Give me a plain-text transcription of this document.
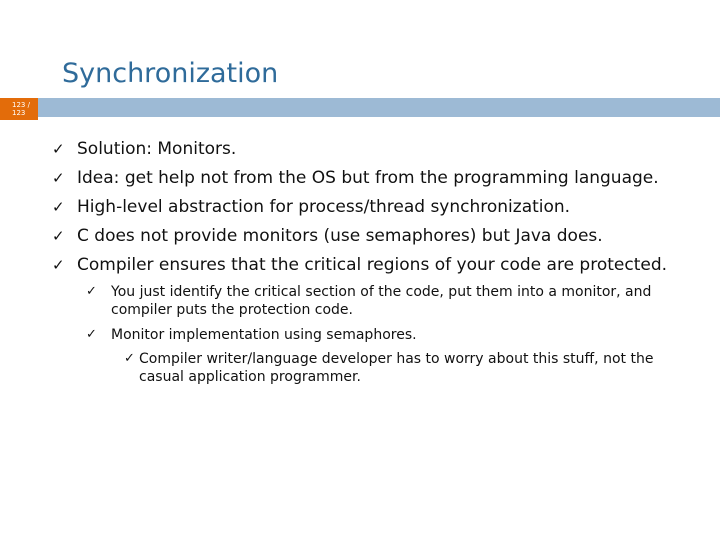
Synchronization
123 /
123
✓ Solution: Monitors.
✓ Idea: get help not from the OS but from the programming language.
✓ High-level abstraction for process/thread synchronization.
✓ C does not provide monitors (use semaphores) but Java does.
✓ Compiler ensures that the critical regions of your code are protected.
✓ You just identify the critical section of the code, put them into a monitor, and compiler puts the protection code.
✓ Monitor implementation using semaphores.
✓ Compiler writer/language developer has to worry about this stuff, not the casual application programmer.
